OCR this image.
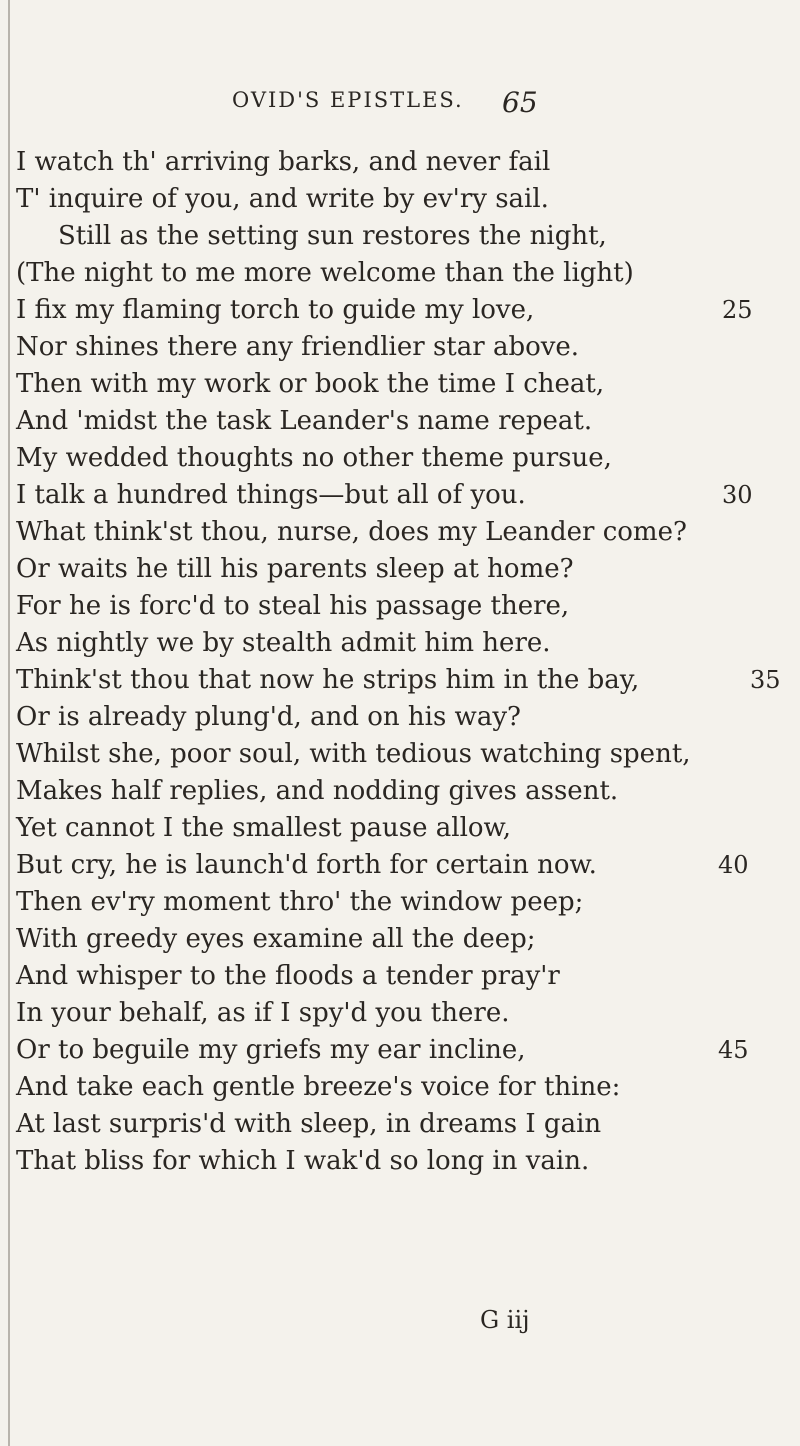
OVID'S EPISTLES. 65
I watch th' arriving barks, and never fail
T' inquire of you, and write by ev'ry sail.
Still as the setting sun restores the night,
(The night to me more welcome than the light)
I fix my flaming torch to guide my love,
Nor shines there any friendlier star above.
Then with my work or book the time I cheat,
And 'midst the task Leander's name repeat.
My wedded thoughts no other theme pursue,
I talk a hundred things—but all of you.
What think'st thou, nurse, does my Leander come?
Or waits he till his parents sleep at home?
For he is forc'd to steal his passage there,
As nightly we by stealth admit him here.
Think'st thou that now he strips him in the bay,
Or is already plung'd, and on his way?
Whilst she, poor soul, with tedious watching spent,
Makes half replies, and nodding gives assent.
Yet cannot I the smallest pause allow,
But cry, he is launch'd forth for certain now.
Then ev'ry moment thro' the window peep;
With greedy eyes examine all the deep;
And whisper to the floods a tender pray'r
In your behalf, as if I spy'd you there.
Or to beguile my griefs my ear incline,
And take each gentle breeze's voice for thine:
At last surpris'd with sleep, in dreams I gain
That bliss for which I wak'd so long in vain.
25
30
35
40
45
G iij
